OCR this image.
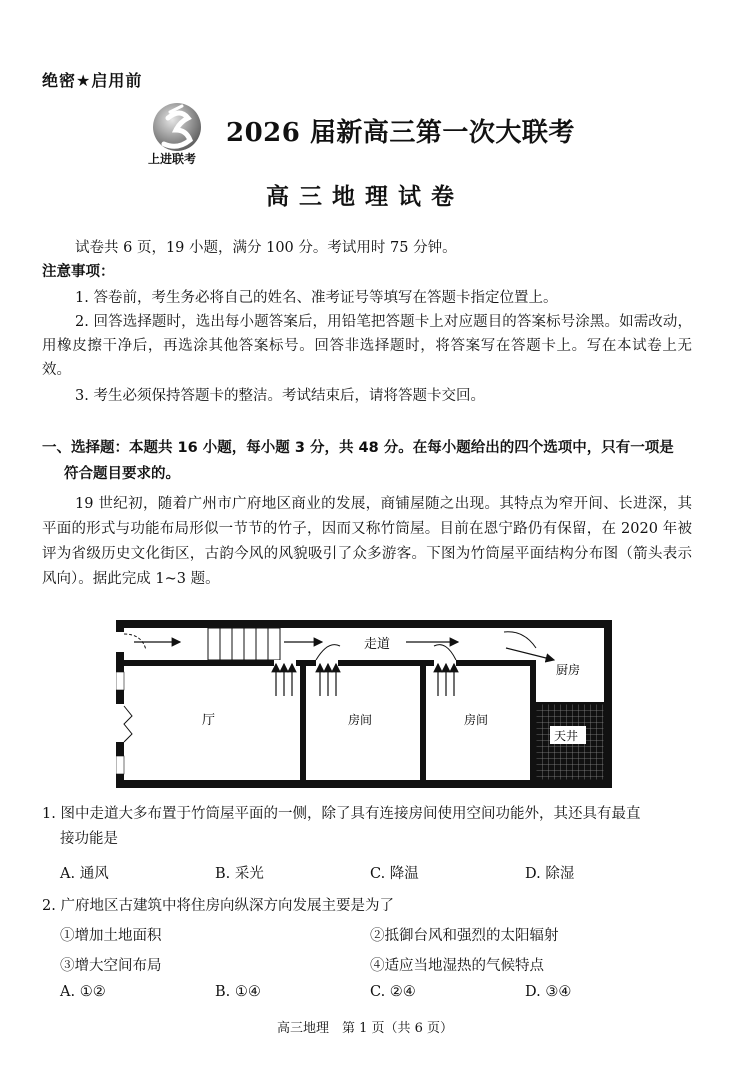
绝密★启用前
上进联考
2026 届新高三第一次大联考
高三地理试卷
试卷共 6 页，19 小题，满分 100 分。考试用时 75 分钟。
注意事项：
1. 答卷前，考生务必将自己的姓名、准考证号等填写在答题卡指定位置上。
2. 回答选择题时，选出每小题答案后，用铅笔把答题卡上对应题目的答案标号涂黑。如需改动，用橡皮擦干净后，再选涂其他答案标号。回答非选择题时，将答案写在答题卡上。写在本试卷上无效。
3. 考生必须保持答题卡的整洁。考试结束后，请将答题卡交回。
一、选择题：本题共 16 小题，每小题 3 分，共 48 分。在每小题给出的四个选项中，只有一项是
符合题目要求的。
19 世纪初，随着广州市广府地区商业的发展，商铺屋随之出现。其特点为窄开间、长进深，其平面的形式与功能布局形似一节节的竹子，因而又称竹筒屋。目前在恩宁路仍有保留，在 2020 年被评为省级历史文化街区，古韵今风的风貌吸引了众多游客。下图为竹筒屋平面结构分布图（箭头表示风向）。据此完成 1~3 题。
走道
厨房
厅	房间	房间
天井
1. 图中走道大多布置于竹筒屋平面的一侧，除了具有连接房间使用空间功能外，其还具有最直
接功能是
A. 通风	B. 采光	C. 降温	D. 除湿
2. 广府地区古建筑中将住房向纵深方向发展主要是为了
①增加土地面积	②抵御台风和强烈的太阳辐射
③增大空间布局	④适应当地湿热的气候特点
A. ①②	B. ①④	C. ②④	D. ③④
高三地理　第 1 页（共 6 页）
